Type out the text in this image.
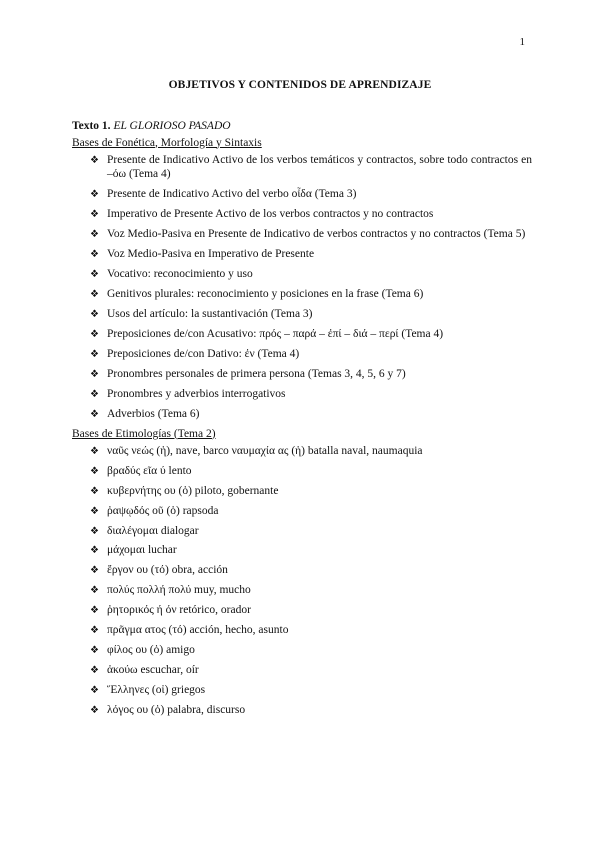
1
OBJETIVOS Y CONTENIDOS DE APRENDIZAJE
Texto 1. EL GLORIOSO PASADO
Bases de Fonética, Morfología y Sintaxis
❖ Presente de Indicativo Activo de los verbos temáticos y contractos, sobre todo contractos en –όω (Tema 4)
❖ Presente de Indicativo Activo del verbo οἶδα (Tema 3)
❖ Imperativo de Presente Activo de los verbos contractos y no contractos
❖ Voz Medio-Pasiva en Presente de Indicativo de verbos contractos y no contractos (Tema 5)
❖ Voz Medio-Pasiva en Imperativo de Presente
❖ Vocativo: reconocimiento y uso
❖ Genitivos plurales: reconocimiento y posiciones en la frase (Tema 6)
❖ Usos del artículo: la sustantivación (Tema 3)
❖ Preposiciones de/con Acusativo: πρός – παρά – ἐπί – διά – περί (Tema 4)
❖ Preposiciones de/con Dativo: ἐν (Tema 4)
❖ Pronombres personales de primera persona (Temas 3, 4, 5, 6 y 7)
❖ Pronombres y adverbios interrogativos
❖ Adverbios (Tema 6)
Bases de Etimologías (Tema 2)
❖ ναῦς νεώς (ἡ), nave, barco ναυμαχία ας (ἡ) batalla naval, naumaquia
❖ βραδύς εῖα ύ lento
❖ κυβερνήτης ου (ὁ) piloto, gobernante
❖ ῥαψῳδός οῦ (ὁ) rapsoda
❖ διαλέγομαι dialogar
❖ μάχομαι luchar
❖ ἔργον ου (τό) obra, acción
❖ πολύς πολλή πολύ muy, mucho
❖ ῥητορικός ή όν retórico, orador
❖ πρᾶγμα ατος (τό) acción, hecho, asunto
❖ φίλος ου (ὁ) amigo
❖ ἀκούω escuchar, oír
❖ Ἕλληνες (οἱ) griegos
❖ λόγος ου (ὁ) palabra, discurso
